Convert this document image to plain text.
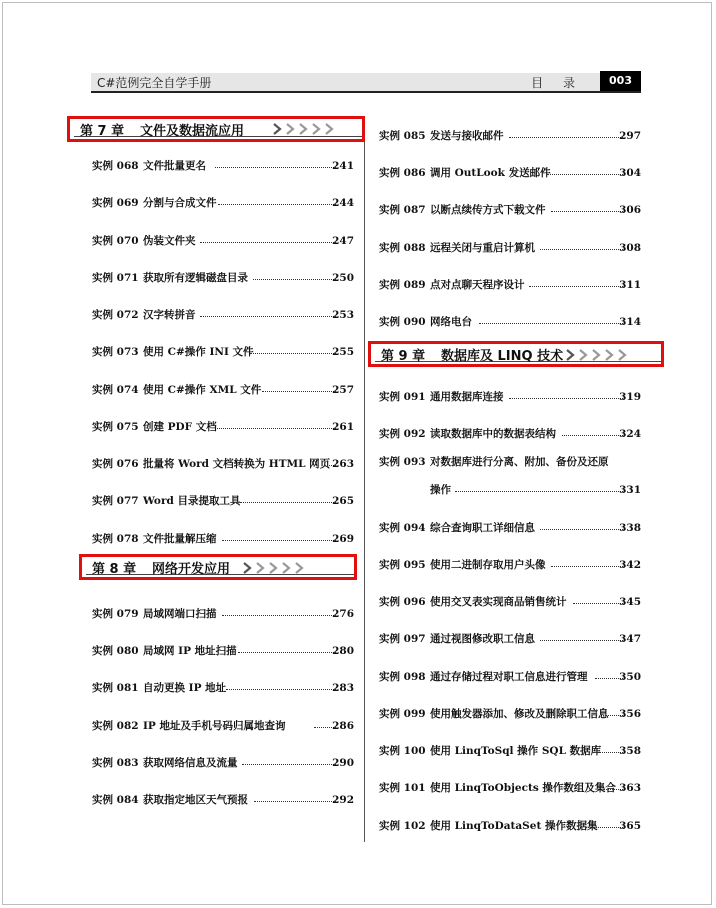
C#范例完全自学手册	目 录	003
第 7 章 文件及数据流应用
第 8 章 网络开发应用
第 9 章 数据库及 LINQ 技术
实例 068 文件批量更名	241
实例 069 分割与合成文件	244
实例 070 伪装文件夹	247
实例 071 获取所有逻辑磁盘目录	250
实例 072 汉字转拼音	253
实例 073 使用 C#操作 INI 文件	255
实例 074 使用 C#操作 XML 文件	257
实例 075 创建 PDF 文档	261
实例 076 批量将 Word 文档转换为 HTML 网页 263
实例 077 Word 目录提取工具	265
实例 078 文件批量解压缩	269
实例 079 局域网端口扫描	276
实例 080 局域网 IP 地址扫描	280
实例 081 自动更换 IP 地址	283
实例 082 IP 地址及手机号码归属地查询	286
实例 083 获取网络信息及流量	290
实例 084 获取指定地区天气预报	292
实例 085 发送与接收邮件	297
实例 086 调用 OutLook 发送邮件	304
实例 087 以断点续传方式下载文件	306
实例 088 远程关闭与重启计算机	308
实例 089 点对点聊天程序设计	311
实例 090 网络电台	314
实例 091 通用数据库连接	319
实例 092 读取数据库中的数据表结构	324
实例 093 对数据库进行分离、附加、备份及还原
操作	331
实例 094 综合查询职工详细信息	338
实例 095 使用二进制存取用户头像	342
实例 096 使用交叉表实现商品销售统计	345
实例 097 通过视图修改职工信息	347
实例 098 通过存储过程对职工信息进行管理	350
实例 099 使用触发器添加、修改及删除职工信息 356
实例 100 使用 LinqToSql 操作 SQL 数据库 358
实例 101 使用 LinqToObjects 操作数组及集合 363
实例 102 使用 LinqToDataSet 操作数据集 365
